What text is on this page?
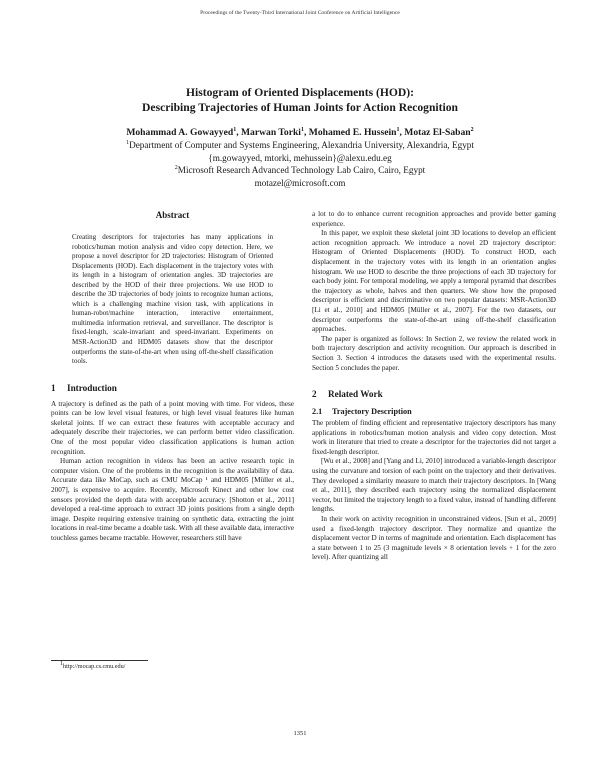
Proceedings of the Twenty-Third International Joint Conference on Artificial Intelligence
Histogram of Oriented Displacements (HOD):
Describing Trajectories of Human Joints for Action Recognition
Mohammad A. Gowayyed$^1$, Marwan Torki$^1$, Mohamed E. Hussein$^1$, Motaz El-Saban$^2$
$^1$Department of Computer and Systems Engineering, Alexandria University, Alexandria, Egypt
{m.gowayyed, mtorki, mehussein}@alexu.edu.eg
$^2$Microsoft Research Advanced Technology Lab Cairo, Cairo, Egypt
motazel@microsoft.com
Abstract

Creating descriptors for trajectories has many applications in robotics/human motion analysis and video copy detection. Here, we propose a novel descriptor for 2D trajectories: Histogram of Oriented Displacements (HOD). Each displacement in the trajectory votes with its length in a histogram of orientation angles. 3D trajectories are described by the HOD of their three projections. We use HOD to describe the 3D trajectories of body joints to recognize human actions, which is a challenging machine vision task, with applications in human-robot/machine interaction, interactive entertainment, multimedia information retrieval, and surveillance. The descriptor is fixed-length, scale-invariant and speed-invariant. Experiments on MSR-Action3D and HDM05 datasets show that the descriptor outperforms the state-of-the-art when using off-the-shelf classification tools.

1 Introduction

A trajectory is defined as the path of a point moving with time. For videos, these points can be low level visual features, or high level visual features like human skeletal joints. If we can extract these features with acceptable accuracy and adequately describe their trajectories, we can perform better video classification. One of the most popular video classification applications is human action recognition.

Human action recognition in videos has been an active research topic in computer vision. One of the problems in the recognition is the availability of data. Accurate data like MoCap, such as CMU MoCap ¹ and HDM05 [Müller et al., 2007], is expensive to acquire. Recently, Microsoft Kinect and other low cost sensors provided the depth data with acceptable accuracy. [Shotton et al., 2011] developed a real-time approach to extract 3D joints positions from a single depth image. Despite requiring extensive training on synthetic data, extracting the joint locations in real-time became a doable task. With all these available data, interactive touchless games became tractable. However, researchers still have

a lot to do to enhance current recognition approaches and provide better gaming experience.

In this paper, we exploit these skeletal joint 3D locations to develop an efficient action recognition approach. We introduce a novel 2D trajectory descriptor: Histogram of Oriented Displacements (HOD). To construct HOD, each displacement in the trajectory votes with its length in an orientation angles histogram. We use HOD to describe the three projections of each 3D trajectory for each body joint. For temporal modeling, we apply a temporal pyramid that describes the trajectory as whole, halves and then quarters. We show how the proposed descriptor is efficient and discriminative on two popular datasets: MSR-Action3D [Li et al., 2010] and HDM05 [Müller et al., 2007]. For the two datasets, our descriptor outperforms the state-of-the-art using off-the-shelf classification approaches.

The paper is organized as follows: In Section 2, we review the related work in both trajectory description and activity recognition. Our approach is described in Section 3. Section 4 introduces the datasets used with the experimental results. Section 5 concludes the paper.

2 Related Work
2.1 Trajectory Description

The problem of finding efficient and representative trajectory descriptors has many applications in robotics/human motion analysis and video copy detection. Most work in literature that tried to create a descriptor for the trajectories did not target a fixed-length descriptor.

[Wu et al., 2008] and [Yang and Li, 2010] introduced a variable-length descriptor using the curvature and torsion of each point on the trajectory and their derivatives. They developed a similarity measure to match their trajectory descriptors. In [Wang et al., 2011], they described each trajectory using the normalized displacement vector, but limited the trajectory length to a fixed value, instead of handling different lengths.

In their work on activity recognition in unconstrained videos, [Sun et al., 2009] used a fixed-length trajectory descriptor. They normalize and quantize the displacement vector D in terms of magnitude and orientation. Each displacement has a state between 1 to 25 (3 magnitude levels × 8 orientation levels + 1 for the zero level). After quantizing all

$^1$http://mocap.cs.cmu.edu/
1351
